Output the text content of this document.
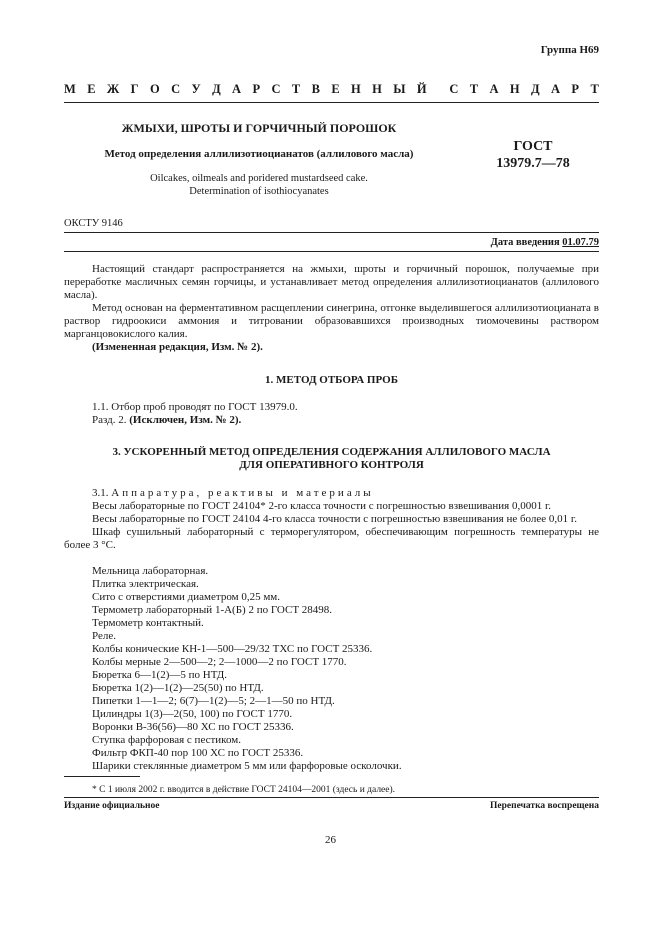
Группа Н69
М Е Ж Г О С У Д А Р С Т В Е Н Н Ы Й С Т А Н Д А Р Т
ЖМЫХИ, ШРОТЫ И ГОРЧИЧНЫЙ ПОРОШОК
Метод определения аллилизотиоцианатов (аллилового масла)	ГОСТ
13979.7—78
Oilcakes, oilmeals and poridered mustardseed cake.
Determination of isothiocyanates
ОКСТУ 9146
Дата введения 01.07.79

Настоящий стандарт распространяется на жмыхи, шроты и горчичный порошок, получаемые при переработке масличных семян горчицы, и устанавливает метод определения аллилизотиоцианатов (аллилового масла).

Метод основан на ферментативном расщеплении синегрина, отгонке выделившегося аллилизотиоцианата в раствор гидроокиси аммония и титровании образовавшихся производных тиомочевины раствором марганцовокислого калия.

(Измененная редакция, Изм. № 2).

1. МЕТОД ОТБОРА ПРОБ

1.1. Отбор проб проводят по ГОСТ 13979.0.

Разд. 2. (Исключен, Изм. № 2).

3. УСКОРЕННЫЙ МЕТОД ОПРЕДЕЛЕНИЯ СОДЕРЖАНИЯ АЛЛИЛОВОГО МАСЛА
ДЛЯ ОПЕРАТИВНОГО КОНТРОЛЯ

3.1. Аппаратура, реактивы и материалы

Весы лабораторные по ГОСТ 24104* 2-го класса точности с погрешностью взвешивания 0,0001 г.

Весы лабораторные по ГОСТ 24104 4-го класса точности с погрешностью взвешивания не более 0,01 г.

Шкаф сушильный лабораторный с терморегулятором, обеспечивающим погрешность температуры не более 3 °С.

Мельница лабораторная.
Плитка электрическая.
Сито с отверстиями диаметром 0,25 мм.
Термометр лабораторный 1-А(Б) 2 по ГОСТ 28498.
Термометр контактный.
Реле.
Колбы конические КН-1—500—29/32 ТХС по ГОСТ 25336.
Колбы мерные 2—500—2; 2—1000—2 по ГОСТ 1770.
Бюретка 6—1(2)—5 по НТД.
Бюретка 1(2)—1(2)—25(50) по НТД.
Пипетки 1—1—2; 6(7)—1(2)—5; 2—1—50 по НТД.
Цилиндры 1(3)—2(50, 100) по ГОСТ 1770.
Воронки В-36(56)—80 ХС по ГОСТ 25336.
Ступка фарфоровая с пестиком.
Фильтр ФКП-40 пор 100 ХС по ГОСТ 25336.
Шарики стеклянные диаметром 5 мм или фарфоровые осколочки.
* С 1 июля 2002 г. вводится в действие ГОСТ 24104—2001 (здесь и далее).
Издание официальное	Перепечатка воспрещена
26
